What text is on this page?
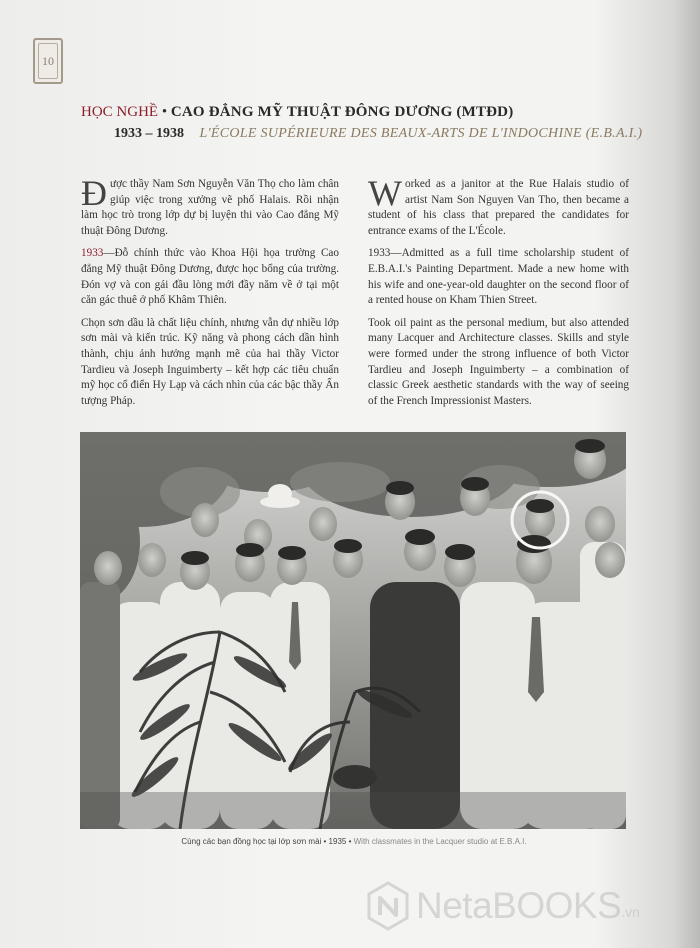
10
HỌC NGHỀ • CAO ĐẲNG MỸ THUẬT ĐÔNG DƯƠNG (MTĐD)
1933 – 1938 L'ÉCOLE SUPÉRIEURE DES BEAUX-ARTS DE L'INDOCHINE (E.B.A.I.)

Được thầy Nam Sơn Nguyễn Văn Thọ cho làm chân giúp việc trong xưởng vẽ phố Halais. Rồi nhận làm học trò trong lớp dự bị luyện thi vào Cao đẳng Mỹ thuật Đông Dương.

1933—Đỗ chính thức vào Khoa Hội họa trường Cao đẳng Mỹ thuật Đông Dương, được học bổng của trường. Đón vợ và con gái đầu lòng mới đầy năm về ở tại một căn gác thuê ở phố Khâm Thiên.

Chọn sơn dầu là chất liệu chính, nhưng vẫn dự nhiều lớp sơn mài và kiến trúc. Kỹ năng và phong cách dần hình thành, chịu ảnh hưởng mạnh mẽ của hai thầy Victor Tardieu và Joseph Inguimberty – kết hợp các tiêu chuẩn mỹ học cổ điển Hy Lạp và cách nhìn của các bậc thầy Ấn tượng Pháp.

Worked as a janitor at the Rue Halais studio of artist Nam Son Nguyen Van Tho, then became a student of his class that prepared the candidates for entrance exams of the L'École.

1933—Admitted as a full time scholarship student of E.B.A.I.'s Painting Department. Made a new home with his wife and one-year-old daughter on the second floor of a rented house on Kham Thien Street.

Took oil paint as the personal medium, but also attended many Lacquer and Architecture classes. Skills and style were formed under the strong influence of both Victor Tardieu and Joseph Inguimberty – a combination of classic Greek aesthetic standards with the way of seeing of the French Impressionist Masters.

Cùng các bạn đồng học tại lớp sơn mài • 1935 • With classmates in the Lacquer studio at E.B.A.I.
NetaBOOKS .vn
